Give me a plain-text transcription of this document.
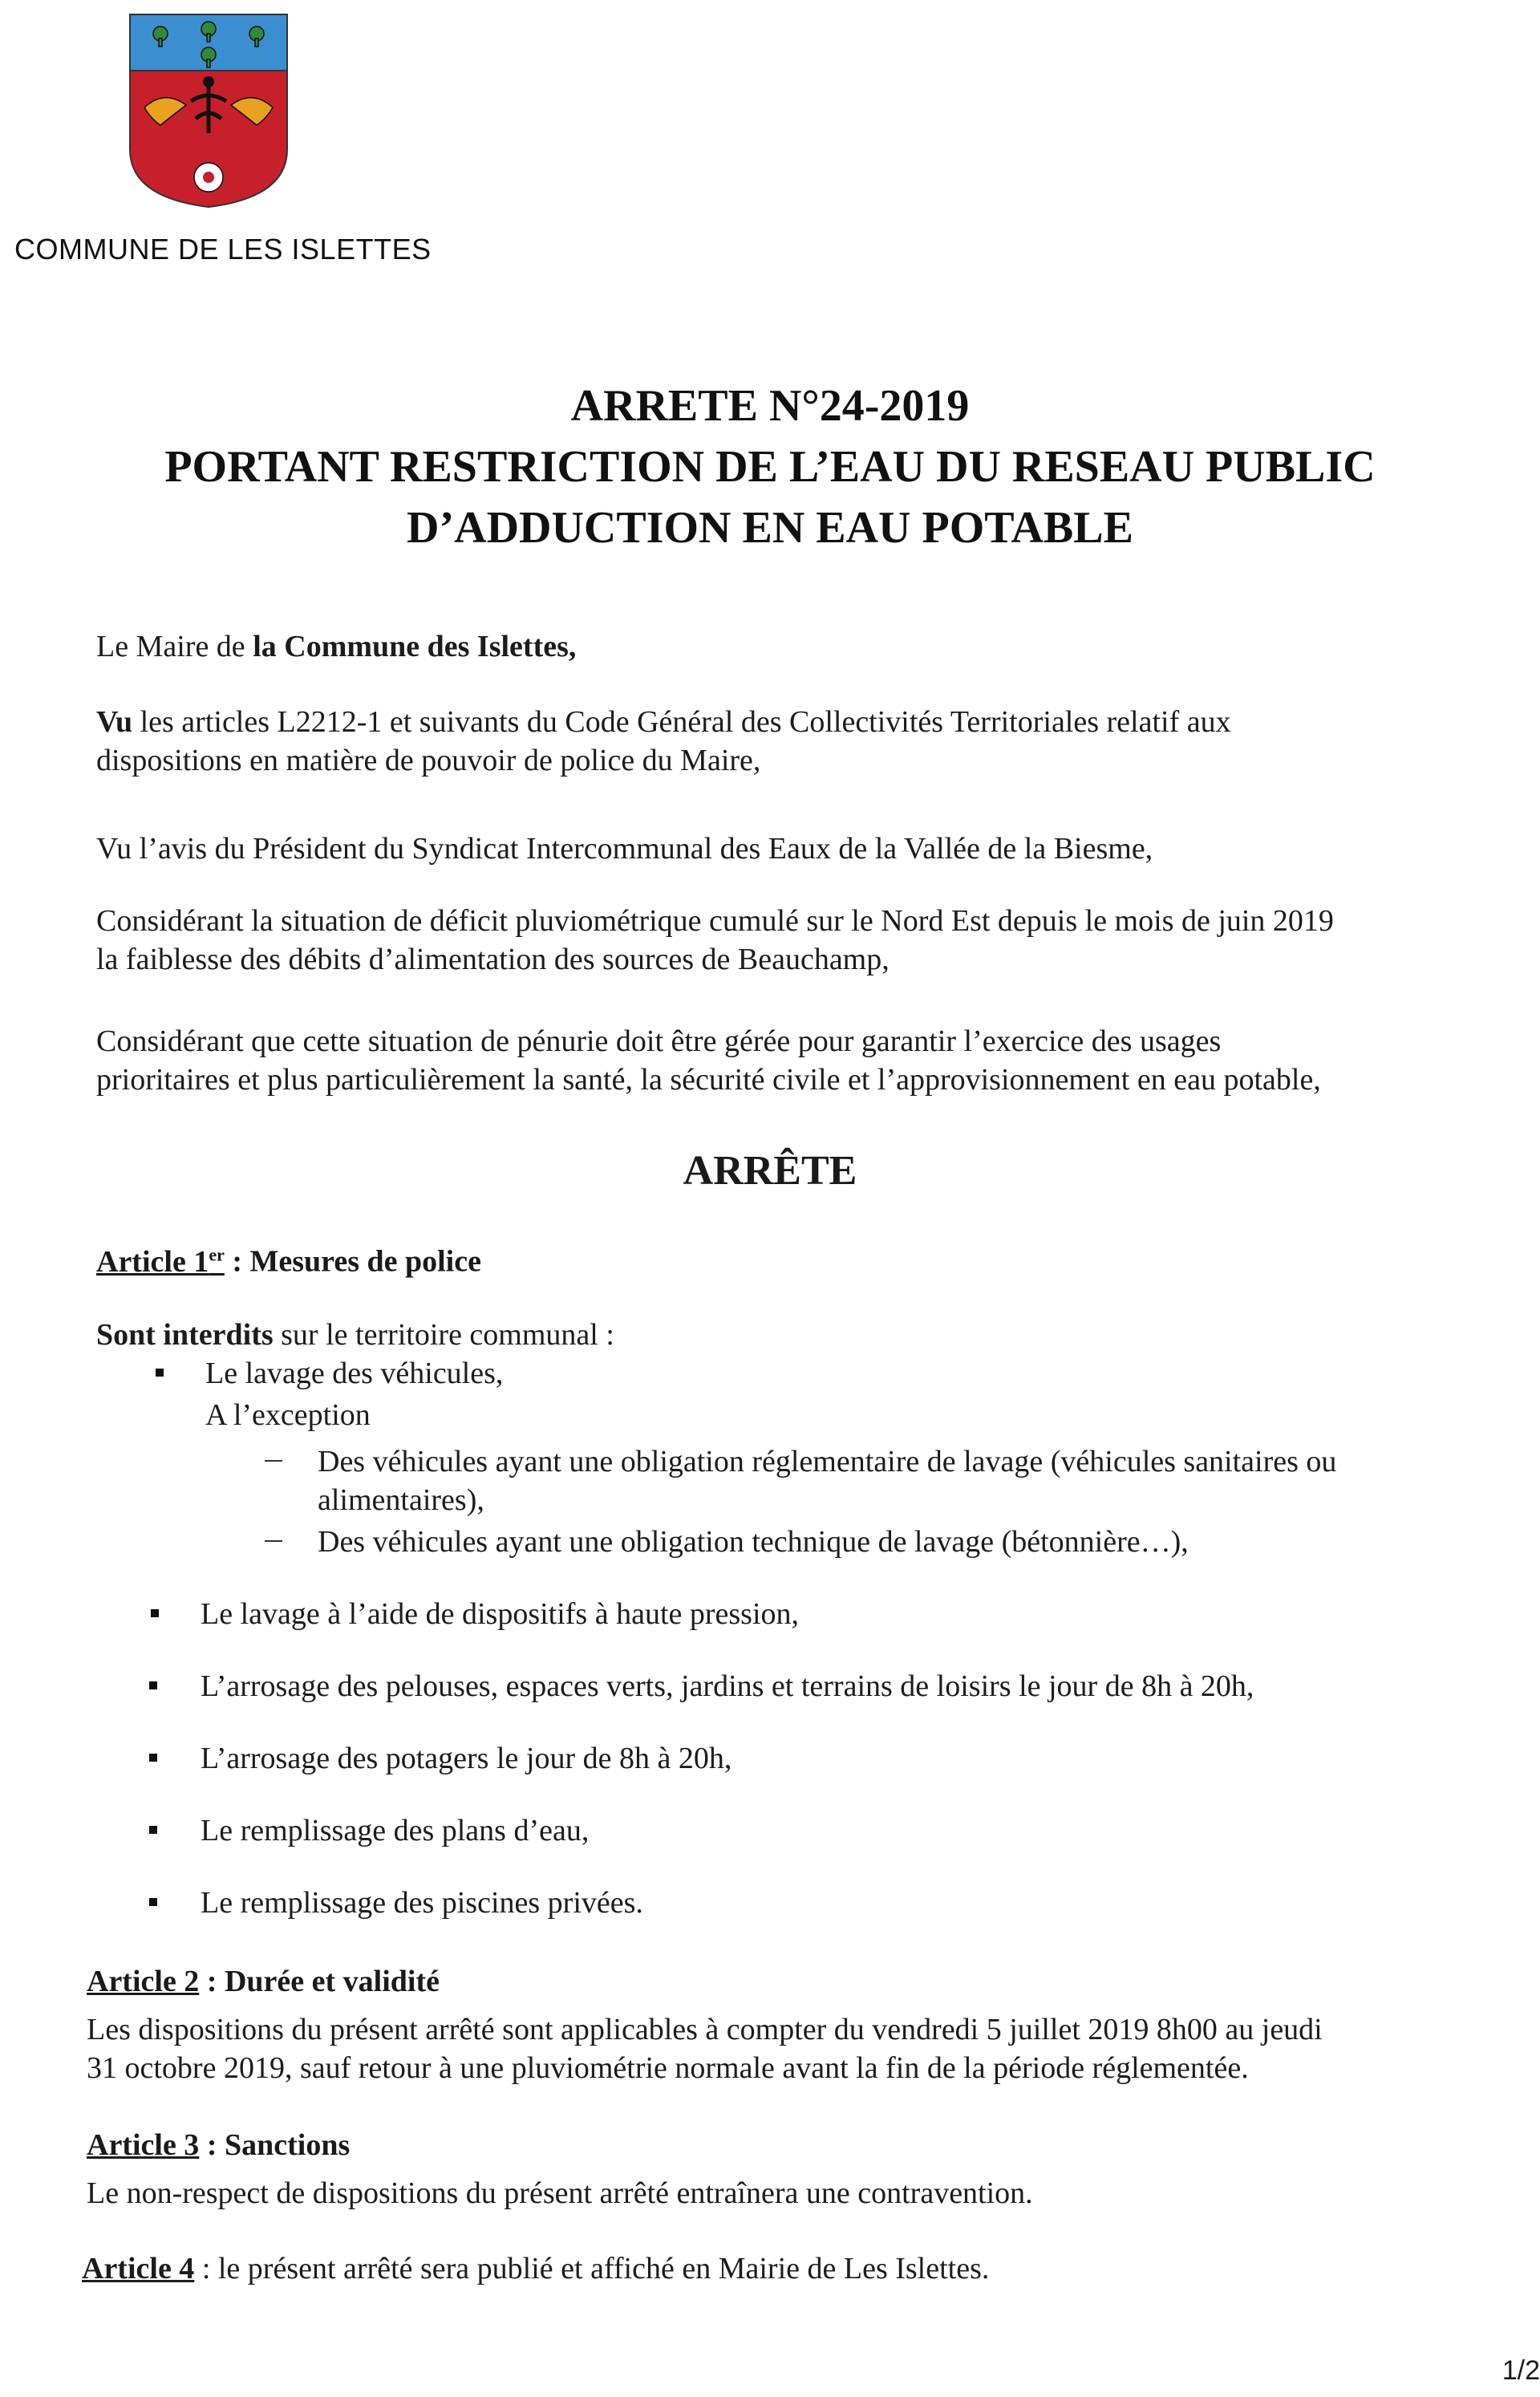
COMMUNE DE LES ISLETTES
ARRETE N°24-2019
PORTANT RESTRICTION DE L’EAU DU RESEAU PUBLIC
D’ADDUCTION EN EAU POTABLE
Le Maire de la Commune des Islettes,
Vu les articles L2212-1 et suivants du Code Général des Collectivités Territoriales relatif aux
dispositions en matière de pouvoir de police du Maire,
Vu l’avis du Président du Syndicat Intercommunal des Eaux de la Vallée de la Biesme,
Considérant la situation de déficit pluviométrique cumulé sur le Nord Est depuis le mois de juin 2019
la faiblesse des débits d’alimentation des sources de Beauchamp,
Considérant que cette situation de pénurie doit être gérée pour garantir l’exercice des usages
prioritaires et plus particulièrement la santé, la sécurité civile et l’approvisionnement en eau potable,
ARRÊTE
Article 1er : Mesures de police
Sont interdits sur le territoire communal :
Le lavage des véhicules,
A l’exception
Des véhicules ayant une obligation réglementaire de lavage (véhicules sanitaires ou
alimentaires),
Des véhicules ayant une obligation technique de lavage (bétonnière…),
Le lavage à l’aide de dispositifs à haute pression,
L’arrosage des pelouses, espaces verts, jardins et terrains de loisirs le jour de 8h à 20h,
L’arrosage des potagers le jour de 8h à 20h,
Le remplissage des plans d’eau,
Le remplissage des piscines privées.
Article 2 : Durée et validité
Les dispositions du présent arrêté sont applicables à compter du vendredi 5 juillet 2019 8h00 au jeudi
31 octobre 2019, sauf retour à une pluviométrie normale avant la fin de la période réglementée.
Article 3 : Sanctions
Le non-respect de dispositions du présent arrêté entraînera une contravention.
Article 4 : le présent arrêté sera publié et affiché en Mairie de Les Islettes.
1/2
